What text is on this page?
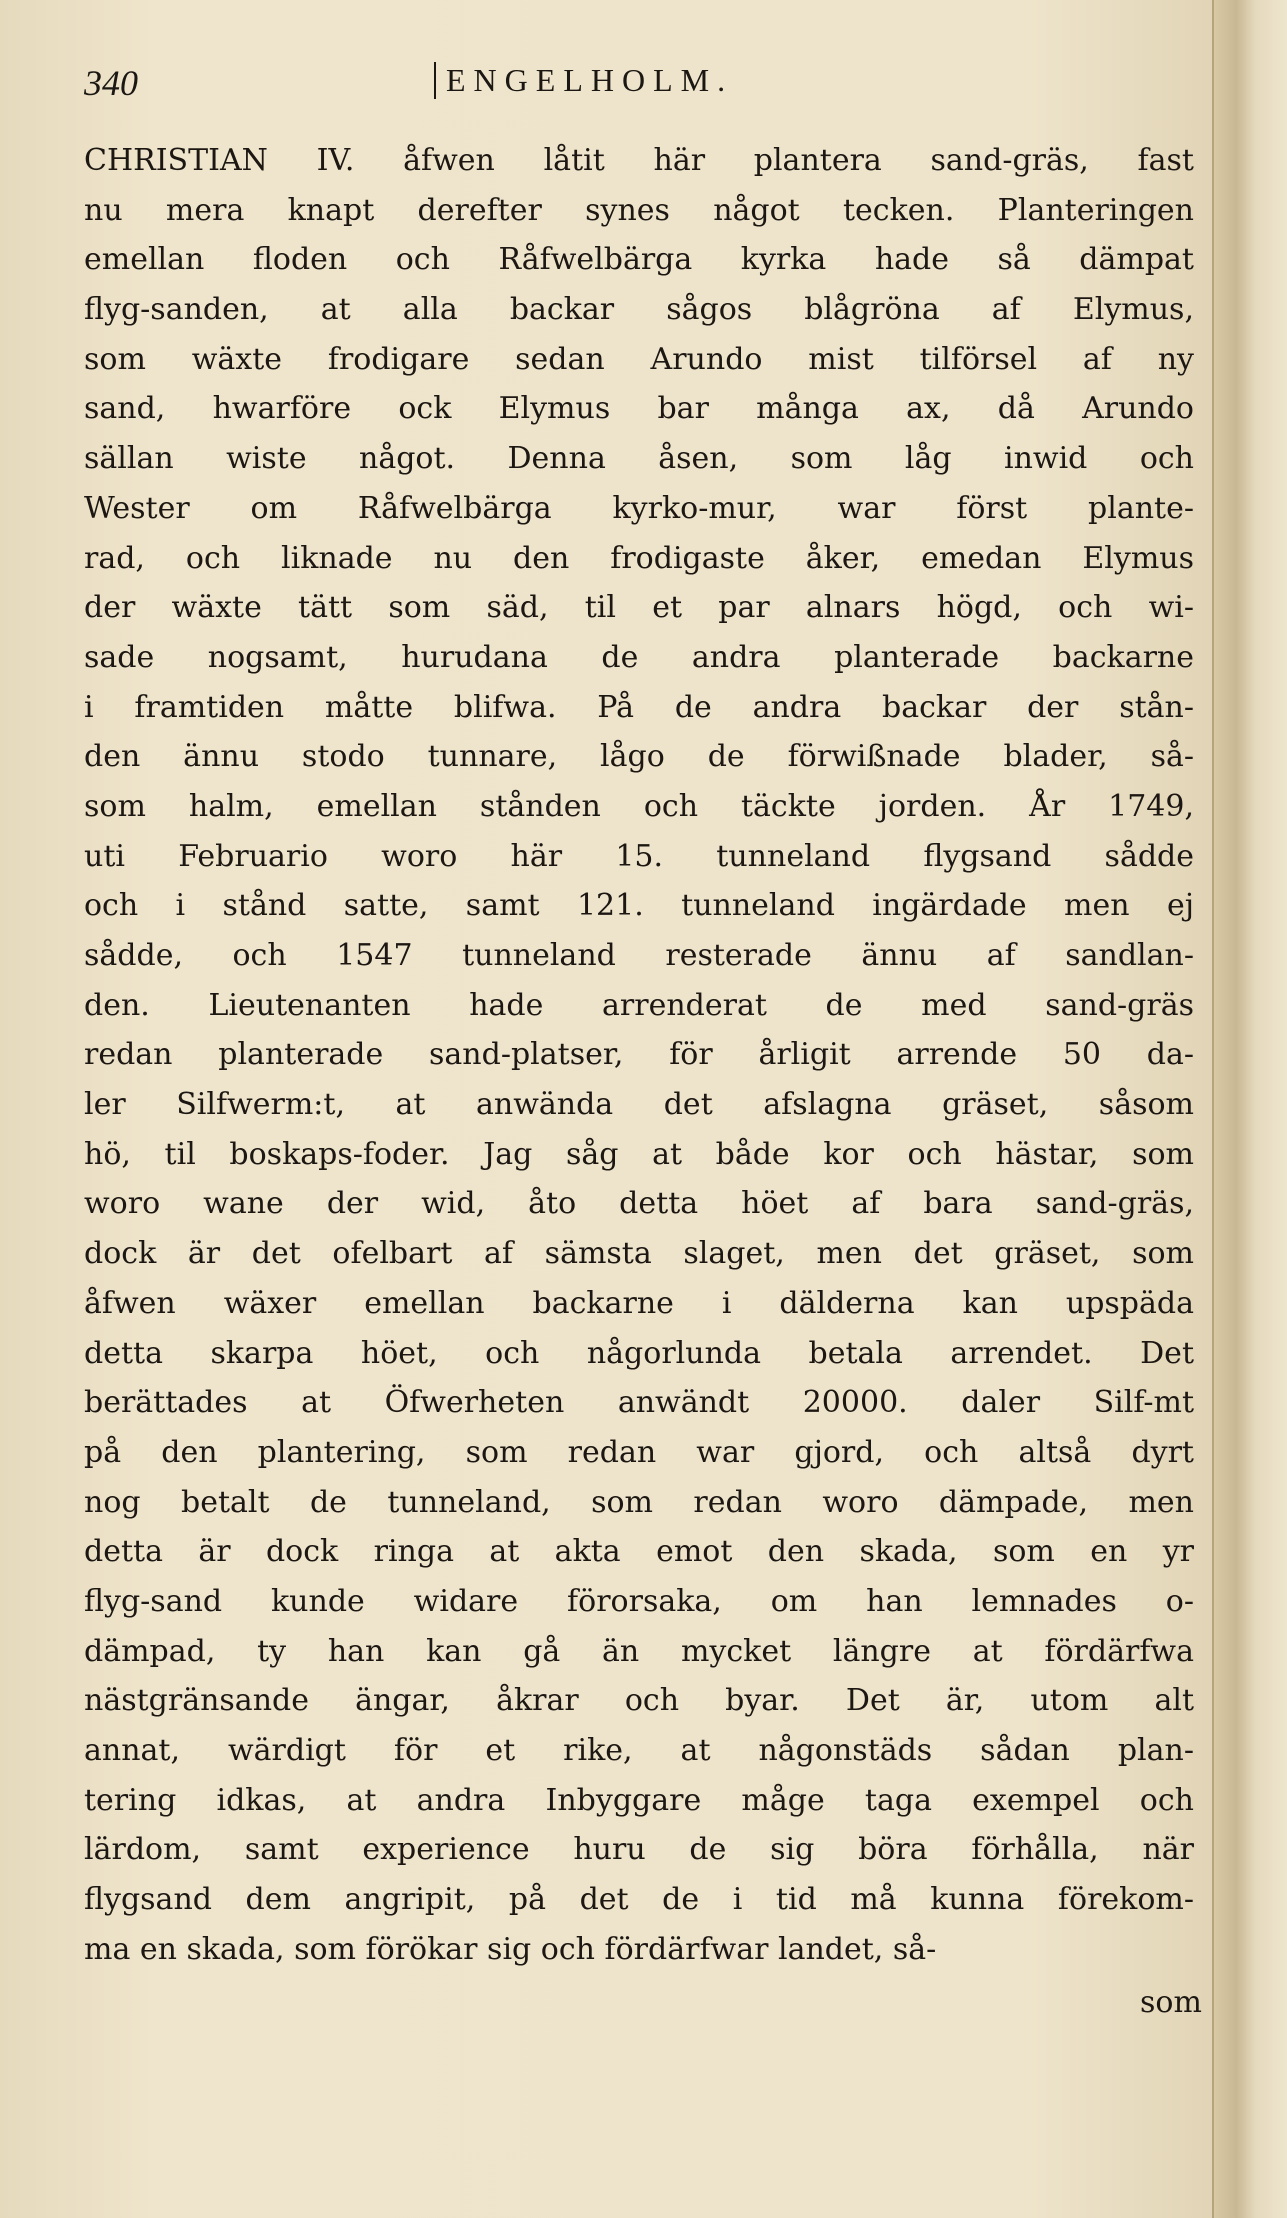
340	ENGELHOLM.
CHRISTIAN IV. åfwen låtit här plantera sand-gräs, fast
nu mera knapt derefter synes något tecken. Planteringen
emellan floden och Råfwelbärga kyrka hade så dämpat
flyg-sanden, at alla backar sågos blågröna af Elymus,
som wäxte frodigare sedan Arundo mist tilförsel af ny
sand, hwarföre ock Elymus bar många ax, då Arundo
sällan wiste något. Denna åsen, som låg inwid och
Wester om Råfwelbärga kyrko-mur, war först plante-
rad, och liknade nu den frodigaste åker, emedan Elymus
der wäxte tätt som säd, til et par alnars högd, och wi-
sade nogsamt, hurudana de andra planterade backarne
i framtiden måtte blifwa. På de andra backar der stån-
den ännu stodo tunnare, lågo de förwißnade blader, så-
som halm, emellan stånden och täckte jorden. År 1749,
uti Februario woro här 15. tunneland flygsand sådde
och i stånd satte, samt 121. tunneland ingärdade men ej
sådde, och 1547 tunneland resterade ännu af sandlan-
den. Lieutenanten hade arrenderat de med sand-gräs
redan planterade sand-platser, för årligit arrende 50 da-
ler Silfwerm:t, at anwända det afslagna gräset, såsom
hö, til boskaps-foder. Jag såg at både kor och hästar, som
woro wane der wid, åto detta höet af bara sand-gräs,
dock är det ofelbart af sämsta slaget, men det gräset, som
åfwen wäxer emellan backarne i dälderna kan upspäda
detta skarpa höet, och någorlunda betala arrendet. Det
berättades at Öfwerheten anwändt 20000. daler Silf-mt
på den plantering, som redan war gjord, och altså dyrt
nog betalt de tunneland, som redan woro dämpade, men
detta är dock ringa at akta emot den skada, som en yr
flyg-sand kunde widare förorsaka, om han lemnades o-
dämpad, ty han kan gå än mycket längre at fördärfwa
nästgränsande ängar, åkrar och byar. Det är, utom alt
annat, wärdigt för et rike, at någonstäds sådan plan-
tering idkas, at andra Inbyggare måge taga exempel och
lärdom, samt experience huru de sig böra förhålla, när
flygsand dem angripit, på det de i tid må kunna förekom-
ma en skada, som förökar sig och fördärfwar landet, så-
som
